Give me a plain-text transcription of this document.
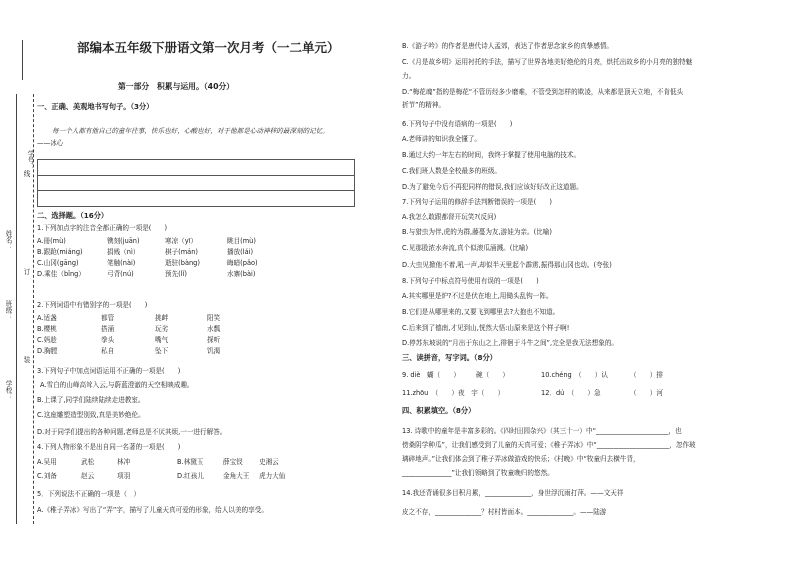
学号：
姓名：
班级：
学校：
线
订
装
部编本五年级下册语文第一次月考（一二单元）
第一部分　积累与运用。（40分）
一、正确、美观地书写句子。（3分）
每一个人都有他自己的童年往事，快乐也好，心酸也好，对于他都是心动神移的最深刻的记忆。
——冰心
二、选择题。（16分）
1.下列加点字的注音全都正确的一项是(　　)
A.冊(mù)	镌刻(juān)	寒凉（yī）	眺目(mù)
B.跟跄(miáng)	捐贱（nì）	棋子(mán)	播放(lái)
C.山冈(gāng)	笔触(nài)	逝驻(bàng)	晦暗(pǎo)
D.乘佳（bǐng）	弓背(nú)	预先(lǐ)	水寨(bài)
2.下列词语中有错别字的一项是(　　)
A.适盏	都管	挑衅	阳笑
B.樱桃	搭涌	玩劣	水瓢
C.妈趁	拳头	嘴气	探听
D.胸膛	私自	坠下	饥渴
3.下列句子中加点词语运用不正确的一项是(　　)
A.雪白的山峰高耸入云,与蔚蓝澄澈的天空相映成趣。
B.上课了,同学们陆续陆续走进教室。
C.这座雕塑造型别致,真是美妙绝伦。
D.对于同学们提出的各种问题,老师总是不厌其烦,一一进行解答。
4.下列人物形象不是出自同一名著的一项是(　　)
A.吴用	武松	林冲	B.林黛玉	薛宝钗	史湘云
C.刘备	赵云	项羽	D.红孩儿	金角大王	虎力大仙
5．下列说法不正确的一项是（　）
A.《稚子弄冰》写出了“弄”字，描写了儿童天真可爱的形象，给人以美的享受。
B.《游子吟》的作者是唐代诗人孟郊，表达了作者思念家乡的真挚感情。
C.《月是故乡明》运用衬托的手法，描写了世界各地美好绝伦的月亮，烘托出故乡的小月亮的独特魅
力。
D.“梅花魂”指的是梅花“不管历经多少磨难，不管受到怎样的欺凌，从来都是顶天立地，不肯低头
折节”的精神。
6.下列句子中没有语病的一项是(　　)
A.老师讲的知识我全懂了。
B.通过大约一年左右的时间，我终于掌握了使用电脑的技术。
C.我们班人数是全校最多的班级。
D.为了避免今后不再犯同样的错误,我们应该好好改正这道题。
7.下列句子运用的修辞手法判断错误的一项是(　　)
A.我怎么敢跟都督开玩笑?(反问)
B.与猎虫为伴,虎的为群,藤蔓为友,游娃为亲。(比喻)
C.见那股浓水奔流,真个似滚瓜涌溅。(比喻)
D.大虫见掀他不着,吼一声,却似半天里起个霹雳,振得那山冈也动。(夸张)
8.下列句子中标点符号使用有误的一项是(　　)
A.其实哪里是炉?不过是伏在地上,用锄头乱钩一阵。
B.它们是从哪里来的,又要飞到哪里去?大抱也不知道。
C.后来到了德南,才见到山,恍然大悟:山原来是这个样子啊!
D.停苏东坡说的“月出于东山之上,徘徊于斗牛之间”,完全是我无法想象的。
三、读拼音，写字词。（8分）
9. diè　蝴（　　） 碗（　　）	10.chéng　（　　）认	（　　）排
11.zhōu　（　　）夜　宇（　　）	12．dú　（　　）急	（　　）河
四、积累填空。（8分）
13. 诗歌中的童年是丰富多彩的。《四时田园杂兴》（其三十一）中“______________________，也
傍桑阴学种瓜”，让我们感受到了儿童的天真可爱；《稚子弄冰》中“______________________，忽作玻
璃碎地声。”让我们体会到了稚子弄冰做游戏的快乐；《村晚》中“牧童归去横牛背，
_______________”让我们领略到了牧童晚归的悠然。
14.我还背诵很多目积月累，______________，身世浮沉雨打萍。——文天祥
皮之不存，______________？村村皆面本。______________。——陆游
